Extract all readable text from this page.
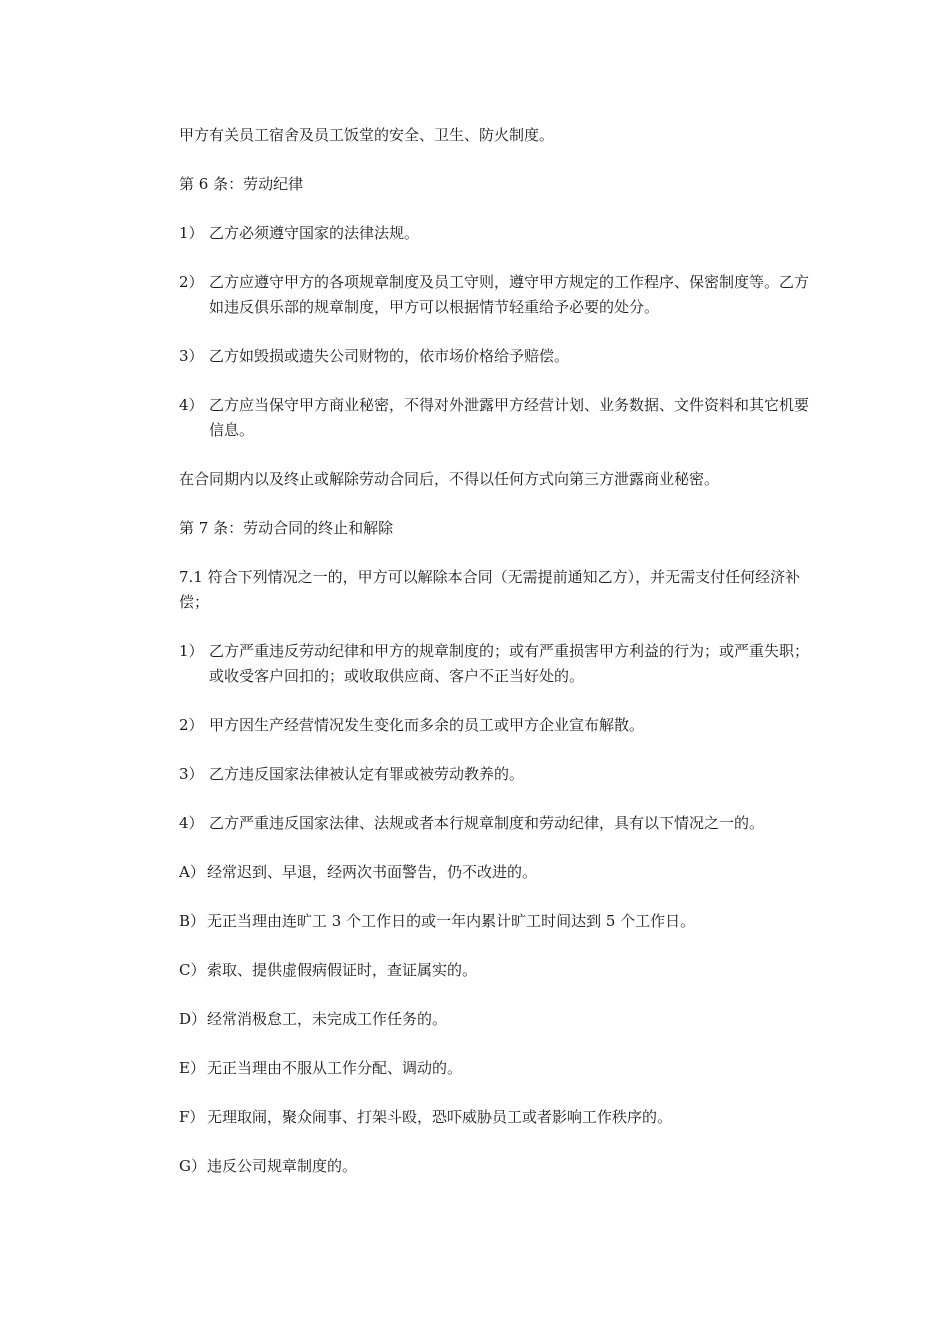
甲方有关员工宿舍及员工饭堂的安全、卫生、防火制度。

第 6 条：劳动纪律

1） 乙方必须遵守国家的法律法规。
2） 乙方应遵守甲方的各项规章制度及员工守则，遵守甲方规定的工作程序、保密制度等。乙方如违反俱乐部的规章制度，甲方可以根据情节轻重给予必要的处分。
3） 乙方如毁损或遗失公司财物的，依市场价格给予赔偿。
4） 乙方应当保守甲方商业秘密，不得对外泄露甲方经营计划、业务数据、文件资料和其它机要信息。

在合同期内以及终止或解除劳动合同后，不得以任何方式向第三方泄露商业秘密。

第 7 条：劳动合同的终止和解除

7.1 符合下列情况之一的，甲方可以解除本合同（无需提前通知乙方），并无需支付任何经济补偿；

1） 乙方严重违反劳动纪律和甲方的规章制度的；或有严重损害甲方利益的行为；或严重失职；或收受客户回扣的；或收取供应商、客户不正当好处的。
2） 甲方因生产经营情况发生变化而多余的员工或甲方企业宣布解散。
3） 乙方违反国家法律被认定有罪或被劳动教养的。
4） 乙方严重违反国家法律、法规或者本行规章制度和劳动纪律，具有以下情况之一的。
A） 经常迟到、早退，经两次书面警告，仍不改进的。
B） 无正当理由连旷工 3 个工作日的或一年内累计旷工时间达到 5 个工作日。
C） 索取、提供虚假病假证时，查证属实的。
D） 经常消极怠工，未完成工作任务的。
E） 无正当理由不服从工作分配、调动的。
F） 无理取闹，聚众闹事、打架斗殴，恐吓威胁员工或者影响工作秩序的。
G） 违反公司规章制度的。
